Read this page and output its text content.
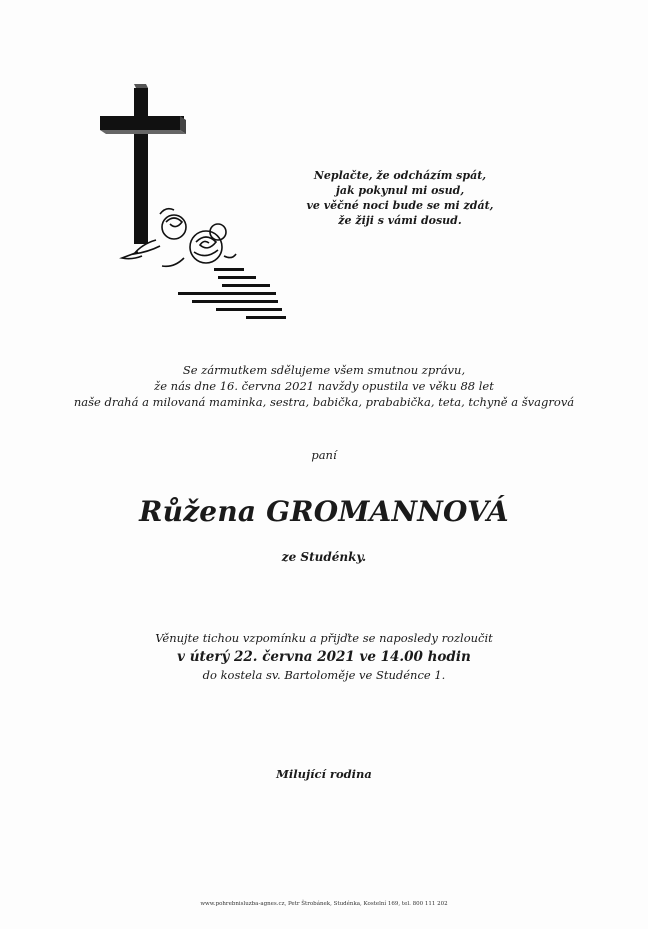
Neplačte, že odcházím spát,
jak pokynul mi osud,
ve věčné noci bude se mi zdát,
že žiji s vámi dosud.
Se zármutkem sdělujeme všem smutnou zprávu,
že nás dne 16. června 2021 navždy opustila ve věku 88 let
naše drahá a milovaná maminka, sestra, babička, prababička, teta, tchyně a švagrová
paní
Růžena GROMANNOVÁ
ze Studénky.
Věnujte tichou vzpomínku a přijďte se naposledy rozloučit
v úterý 22. června 2021 ve 14.00 hodin
do kostela sv. Bartoloměje ve Studénce 1.
Milující rodina
www.pohrebnisluzba-agnes.cz, Petr Štrobánek, Studénka, Kostelní 169, tel. 800 111 202
